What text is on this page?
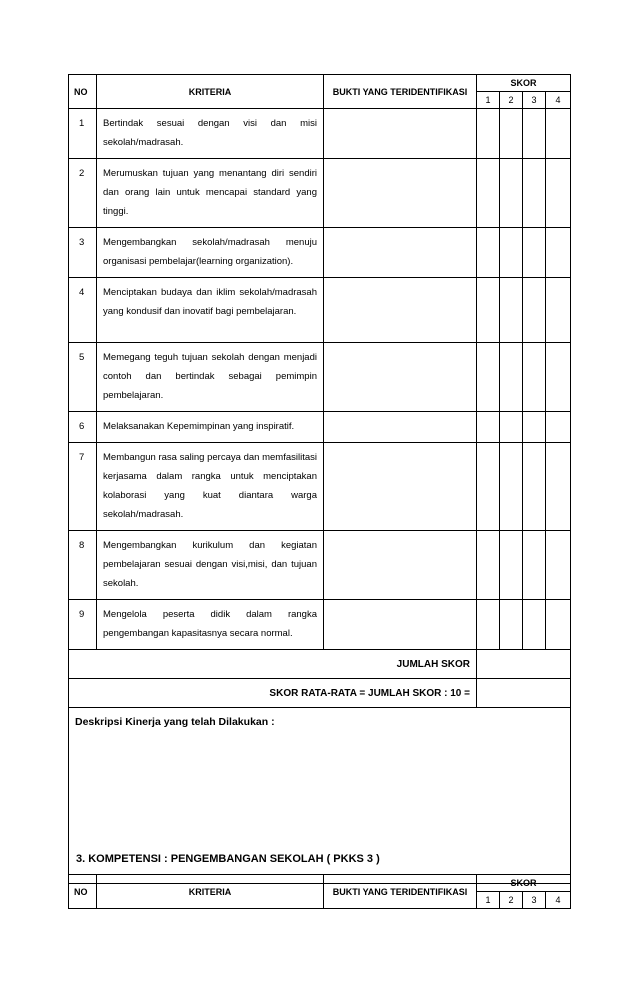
NO	KRITERIA	BUKTI YANG TERIDENTIFIKASI	SKOR			
			1	2	3	4
1	Bertindak sesuai dengan visi dan misi sekolah/madrasah.					
2	Merumuskan tujuan yang menantang diri sendiri dan orang lain untuk mencapai standard yang tinggi.					
3	Mengembangkan sekolah/madrasah menuju organisasi pembelajar(learning organization).					
4	Menciptakan budaya dan iklim sekolah/madrasah yang kondusif dan inovatif bagi pembelajaran.					
5	Memegang teguh tujuan sekolah dengan menjadi contoh dan bertindak sebagai pemimpin pembelajaran.					
6	Melaksanakan Kepemimpinan yang inspiratif.					
7	Membangun rasa saling percaya dan memfasilitasi kerjasama dalam rangka untuk menciptakan kolaborasi yang kuat diantara warga sekolah/madrasah.					
8	Mengembangkan kurikulum dan kegiatan pembelajaran sesuai dengan visi,misi, dan tujuan sekolah.					
9	Mengelola peserta didik dalam rangka pengembangan kapasitasnya secara normal.					
JUMLAH SKOR						
SKOR RATA-RATA = JUMLAH SKOR : 10 =						
Deskripsi Kinerja yang telah Dilakukan :						
3. KOMPETENSI : PENGEMBANGAN SEKOLAH ( PKKS 3 )
NO	KRITERIA	BUKTI YANG TERIDENTIFIKASI	SKOR			
			1	2	3	4
